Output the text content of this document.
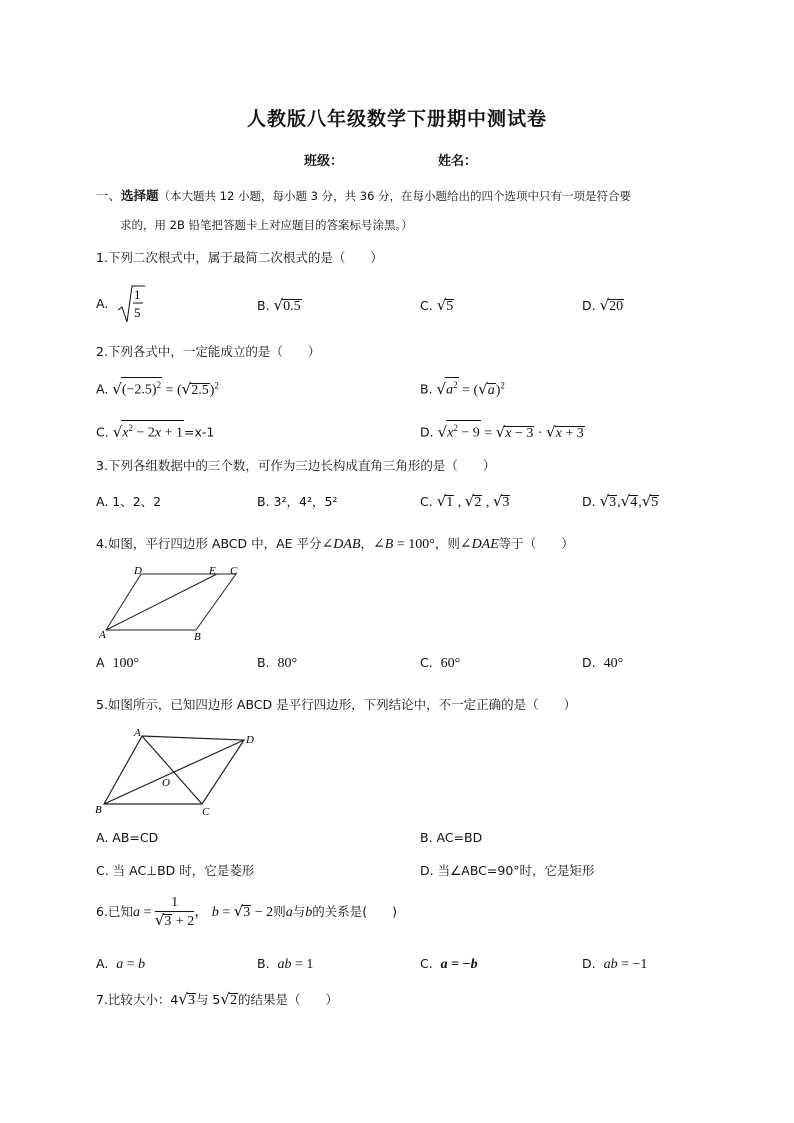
人教版八年级数学下册期中测试卷
班级：	姓名：
一、选择题（本大题共 12 小题，每小题 3 分，共 36 分，在每小题给出的四个选项中只有一项是符合要
求的，用 2B 铅笔把答题卡上对应题目的答案标号涂黑。）
1.下列二次根式中，属于最简二次根式的是（　　）
A.
1
5	B. √0.5	C. √5	D. √20
2.下列各式中，一定能成立的是（　　）
A. $√(-2.5)^2 = (√2.5)^2$	B. $√a^2 = (√a)^2$
C. $√x^2 - 2x + 1=x-1$	D. $√x^2 - 9 = √x - 3 \cdot √x + 3$
3.下列各组数据中的三个数，可作为三边长构成直角三角形的是（　　）
A. 1、2、2	B. 3²，4²，5²	C. √1 , √2 , √3	D. √3,√4,√5
4.如图，平行四边形 ABCD 中，AE 平分∠DAB，∠B = 100°，则∠DAE等于（　　）
A	B
C
D	E
A 100°	B. 80°	C. 60°	D. 40°
5.如图所示，已知四边形 ABCD 是平行四边形，下列结论中，不一定正确的是（　　）
A
B	C
D
O
A. AB=CD	B. AC=BD
C. 当 AC⊥BD 时，它是菱形	D. 当∠ABC=90°时，它是矩形
6.已知$a = \frac{1}{√3 + 2}$ ， b = √3 − 2则a与b的关系是(　　)
A. a = b	B. ab = 1	C. a = −b	D. ab = −1
7.比较大小：4√3与 5√2的结果是（　　）
